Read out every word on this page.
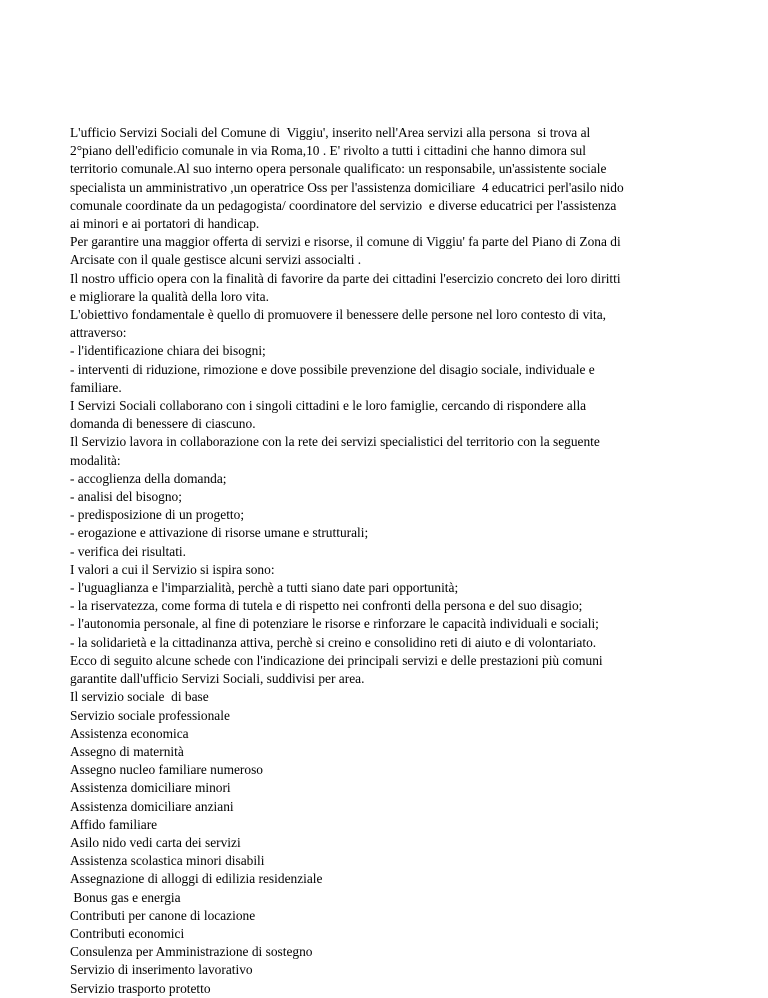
L'ufficio Servizi Sociali del Comune di  Viggiu', inserito nell'Area servizi alla persona  si trova al
2°piano dell'edificio comunale in via Roma,10 . E' rivolto a tutti i cittadini che hanno dimora sul
territorio comunale.Al suo interno opera personale qualificato: un responsabile, un'assistente sociale
specialista un amministrativo ,un operatrice Oss per l'assistenza domiciliare  4 educatrici perl'asilo nido
comunale coordinate da un pedagogista/ coordinatore del servizio  e diverse educatrici per l'assistenza
ai minori e ai portatori di handicap.
Per garantire una maggior offerta di servizi e risorse, il comune di Viggiu' fa parte del Piano di Zona di
Arcisate con il quale gestisce alcuni servizi associalti .
Il nostro ufficio opera con la finalità di favorire da parte dei cittadini l'esercizio concreto dei loro diritti
e migliorare la qualità della loro vita.
L'obiettivo fondamentale è quello di promuovere il benessere delle persone nel loro contesto di vita,
attraverso:
- l'identificazione chiara dei bisogni;
- interventi di riduzione, rimozione e dove possibile prevenzione del disagio sociale, individuale e
familiare.
I Servizi Sociali collaborano con i singoli cittadini e le loro famiglie, cercando di rispondere alla
domanda di benessere di ciascuno.
Il Servizio lavora in collaborazione con la rete dei servizi specialistici del territorio con la seguente
modalità:
- accoglienza della domanda;
- analisi del bisogno;
- predisposizione di un progetto;
- erogazione e attivazione di risorse umane e strutturali;
- verifica dei risultati.
I valori a cui il Servizio si ispira sono:
- l'uguaglianza e l'imparzialità, perchè a tutti siano date pari opportunità;
- la riservatezza, come forma di tutela e di rispetto nei confronti della persona e del suo disagio;
- l'autonomia personale, al fine di potenziare le risorse e rinforzare le capacità individuali e sociali;
- la solidarietà e la cittadinanza attiva, perchè si creino e consolidino reti di aiuto e di volontariato.
Ecco di seguito alcune schede con l'indicazione dei principali servizi e delle prestazioni più comuni
garantite dall'ufficio Servizi Sociali, suddivisi per area.
Il servizio sociale  di base
Servizio sociale professionale
Assistenza economica
Assegno di maternità
Assegno nucleo familiare numeroso
Assistenza domiciliare minori
Assistenza domiciliare anziani
Affido familiare
Asilo nido vedi carta dei servizi
Assistenza scolastica minori disabili
Assegnazione di alloggi di edilizia residenziale
Bonus gas e energia
Contributi per canone di locazione
Contributi economici
Consulenza per Amministrazione di sostegno
Servizio di inserimento lavorativo
Servizio trasporto protetto
